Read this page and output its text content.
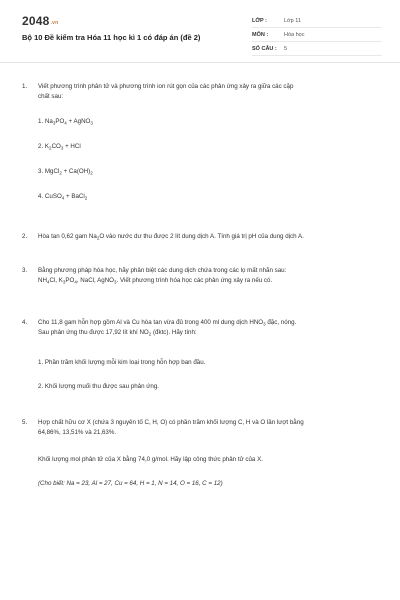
2048.vn
Bộ 10 Đề kiểm tra Hóa 11 học kì 1 có đáp án (đề 2)
LỚP :	Lớp 11
MÔN :	Hóa học
SỐ CÂU : 5
1.	Viết phương trình phân tử và phương trình ion rút gọn của các phản ứng xảy ra giữa các cặp
chất sau:
1. $Na_3PO_4$ + AgNO$_3$
2. $K_2CO_3$ + HCl
3. MgCl$_2$ + $Ca(OH)_2$
4. CuSO$_4$ + BaCl$_2$
2.	Hòa tan 0,62 gam $Na_2O$ vào nước dư thu được 2 lít dung dịch A. Tính giá trị pH của dung dịch A.
3.	Bằng phương pháp hóa học, hãy phân biệt các dung dịch chứa trong các lọ mất nhãn sau:
$NH_4Cl$, $K_3PO_4$, NaCl, AgNO$_3$. Viết phương trình hóa học các phản ứng xảy ra nếu có.
4.	Cho 11,8 gam hỗn hợp gồm Al và Cu hòa tan vừa đủ trong 400 ml dung dịch $HNO_3$ đặc, nóng.
Sau phản ứng thu được 17,92 lít khí $NO_2$ (đktc). Hãy tính:
1. Phần trăm khối lượng mỗi kim loại trong hỗn hợp ban đầu.
2. Khối lượng muối thu được sau phản ứng.
5.	Hợp chất hữu cơ X (chứa 3 nguyên tố C, H, O) có phần trăm khối lượng C, H và O lần lượt bằng
64,86%, 13,51% và 21,63%.
Khối lượng mol phân tử của X bằng 74,0 g/mol. Hãy lập công thức phân tử của X.
(Cho biết: Na = 23, Al = 27, Cu = 64, H = 1, N = 14, O = 16, C = 12)
